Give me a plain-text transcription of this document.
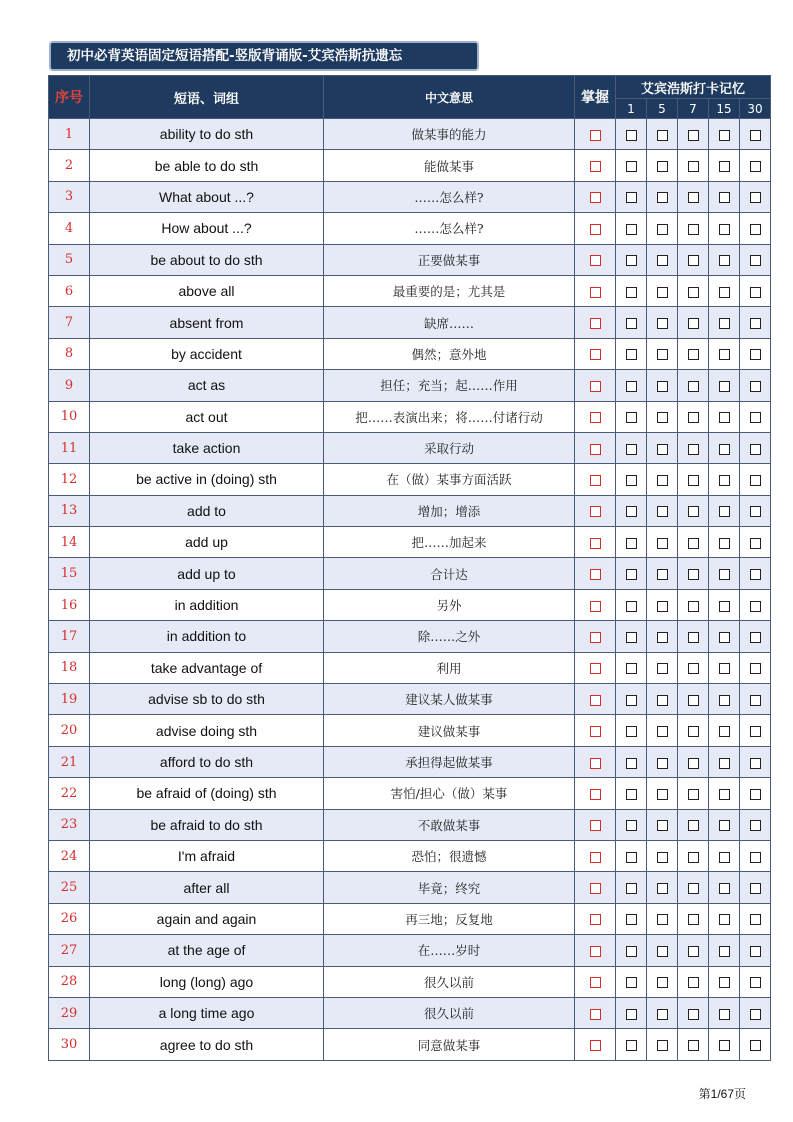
初中必背英语固定短语搭配-竖版背诵版-艾宾浩斯抗遗忘
序号	短语、词组	中文意思	掌握	艾宾浩斯打卡记忆				
				1	5	7	15	30
1	ability to do sth	做某事的能力						
2	be able to do sth	能做某事						
3	What about ...?	……怎么样?						
4	How about ...?	……怎么样?						
5	be about to do sth	正要做某事						
6	above all	最重要的是；尤其是						
7	absent from	缺席……						
8	by accident	偶然；意外地						
9	act as	担任；充当；起……作用						
10	act out	把……表演出来；将……付诸行动						
11	take action	采取行动						
12	be active in (doing) sth	在（做）某事方面活跃						
13	add to	增加；增添						
14	add up	把……加起来						
15	add up to	合计达						
16	in addition	另外						
17	in addition to	除……之外						
18	take advantage of	利用						
19	advise sb to do sth	建议某人做某事						
20	advise doing sth	建议做某事						
21	afford to do sth	承担得起做某事						
22	be afraid of (doing) sth	害怕/担心（做）某事						
23	be afraid to do sth	不敢做某事						
24	I'm afraid	恐怕；很遗憾						
25	after all	毕竟；终究						
26	again and again	再三地；反复地						
27	at the age of	在……岁时						
28	long (long) ago	很久以前						
29	a long time ago	很久以前						
30	agree to do sth	同意做某事						
第1/67页
